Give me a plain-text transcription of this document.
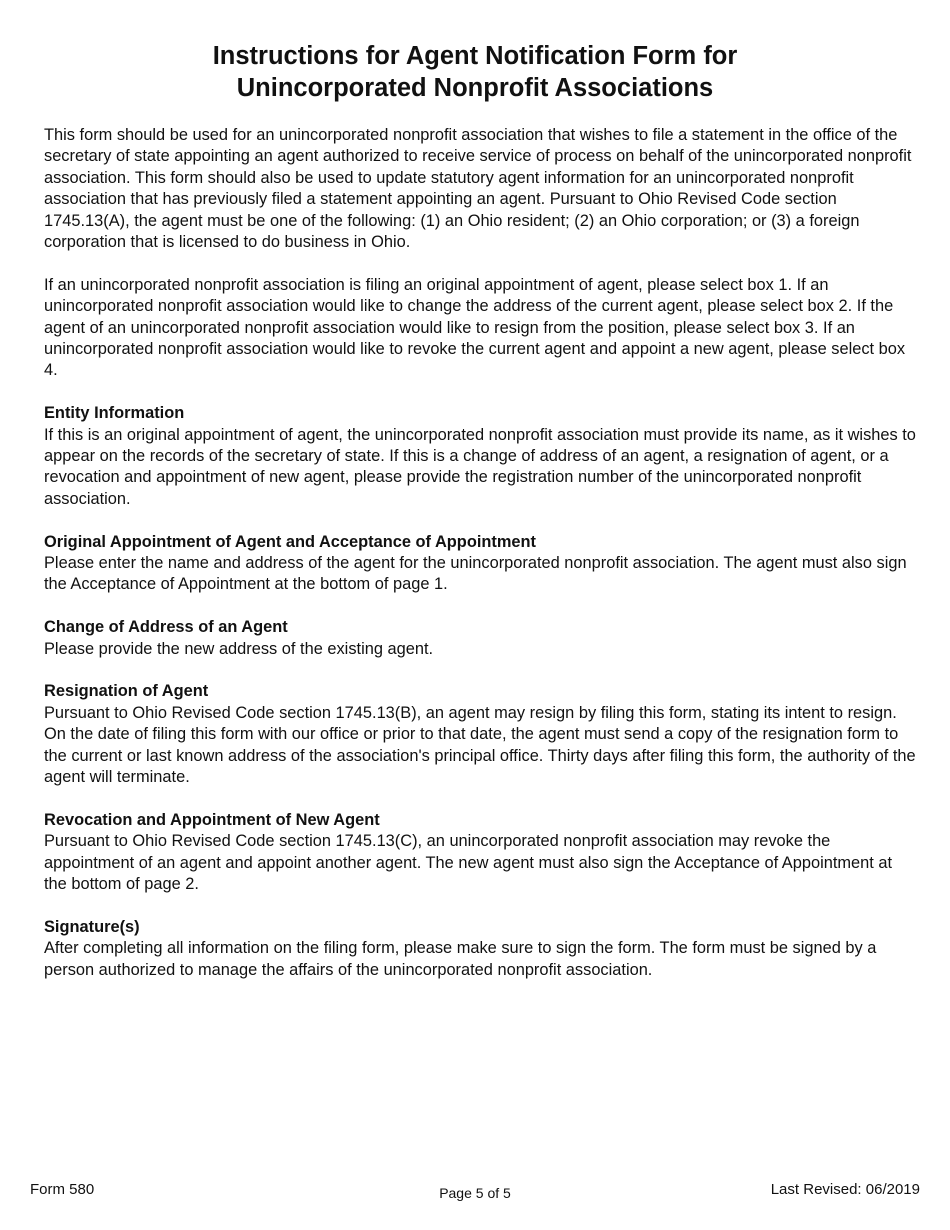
Instructions for Agent Notification Form for
Unincorporated Nonprofit Associations

This form should be used for an unincorporated nonprofit association that wishes to file a statement in the office of the secretary of state appointing an agent authorized to receive service of process on behalf of the unincorporated nonprofit association. This form should also be used to update statutory agent information for an unincorporated nonprofit association that has previously filed a statement appointing an agent. Pursuant to Ohio Revised Code section 1745.13(A), the agent must be one of the following: (1) an Ohio resident; (2) an Ohio corporation; or (3) a foreign corporation that is licensed to do business in Ohio.

If an unincorporated nonprofit association is filing an original appointment of agent, please select box 1. If an unincorporated nonprofit association would like to change the address of the current agent, please select box 2. If the agent of an unincorporated nonprofit association would like to resign from the position, please select box 3. If an unincorporated nonprofit association would like to revoke the current agent and appoint a new agent, please select box 4.

Entity Information

If this is an original appointment of agent, the unincorporated nonprofit association must provide its name, as it wishes to appear on the records of the secretary of state. If this is a change of address of an agent, a resignation of agent, or a revocation and appointment of new agent, please provide the registration number of the unincorporated nonprofit association.

Original Appointment of Agent and Acceptance of Appointment

Please enter the name and address of the agent for the unincorporated nonprofit association. The agent must also sign the Acceptance of Appointment at the bottom of page 1.

Change of Address of an Agent

Please provide the new address of the existing agent.

Resignation of Agent

Pursuant to Ohio Revised Code section 1745.13(B), an agent may resign by filing this form, stating its intent to resign. On the date of filing this form with our office or prior to that date, the agent must send a copy of the resignation form to the current or last known address of the association's principal office. Thirty days after filing this form, the authority of the agent will terminate.

Revocation and Appointment of New Agent

Pursuant to Ohio Revised Code section 1745.13(C), an unincorporated nonprofit association may revoke the appointment of an agent and appoint another agent. The new agent must also sign the Acceptance of Appointment at the bottom of page 2.

Signature(s)

After completing all information on the filing form, please make sure to sign the form. The form must be signed by a person authorized to manage the affairs of the unincorporated nonprofit association.

Form 580	Page 5 of 5	Last Revised: 06/2019
